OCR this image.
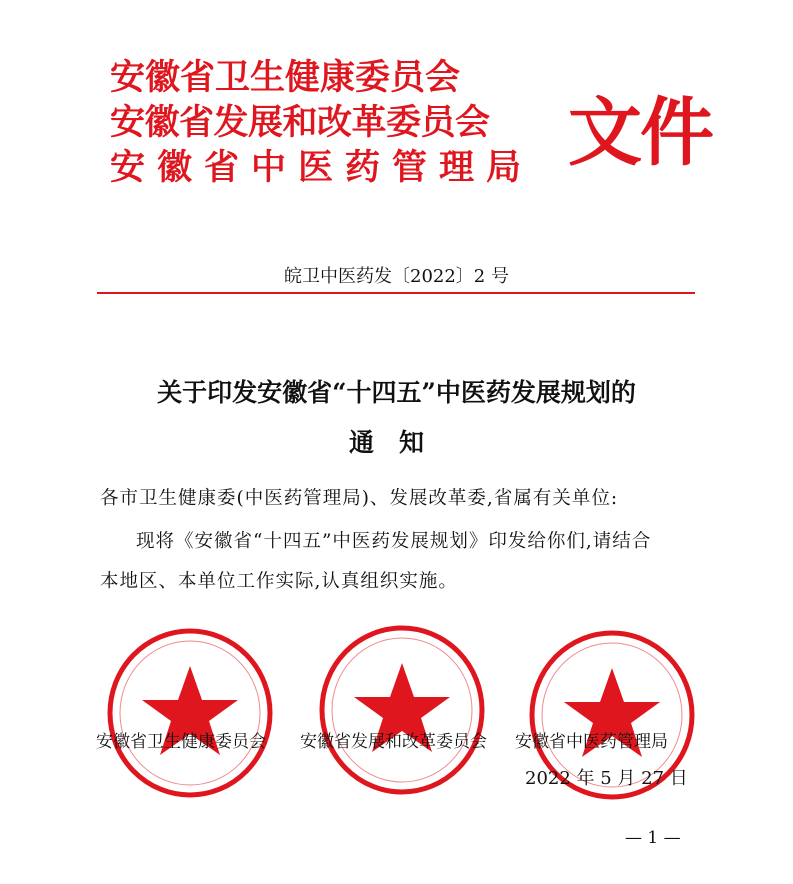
安徽省卫生健康委员会
安徽省发展和改革委员会
安徽省中医药管理局 文件
皖卫中医药发〔2022〕2 号
关于印发安徽省“十四五”中医药发展规划的
通　知
各市卫生健康委(中医药管理局)、发展改革委,省属有关单位:
现将《安徽省“十四五”中医药发展规划》印发给你们,请结合
本地区、本单位工作实际,认真组织实施。
安徽省卫生健康委员会 安徽省发展和改革委员会 安徽省中医药管理局
2022 年 5 月 27 日
— 1 —
